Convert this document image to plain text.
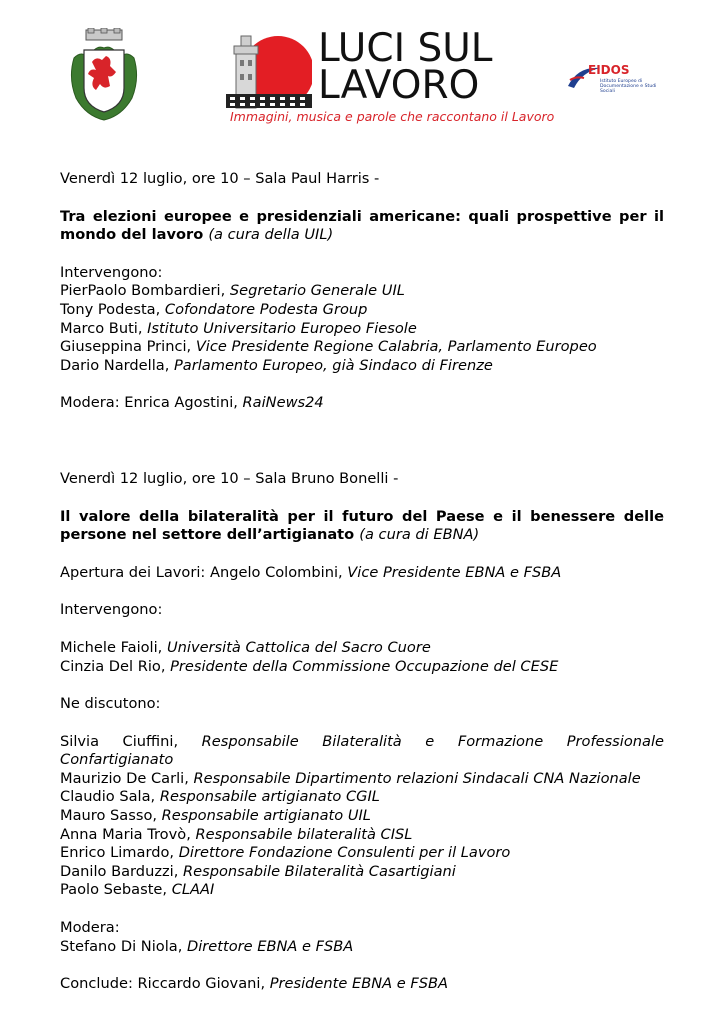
LUCI SUL
LAVORO
Immagini, musica e parole che raccontano il Lavoro
EIDOS
Istituto Europeo di Documentazione e Studi Sociali

Venerdì 12 luglio, ore 10 – Sala Paul Harris -

Tra elezioni europee e presidenziali americane: quali prospettive per il mondo del lavoro (a cura della UIL)

Intervengono:

PierPaolo Bombardieri, Segretario Generale UIL

Tony Podesta, Cofondatore Podesta Group

Marco Buti, Istituto Universitario Europeo Fiesole

Giuseppina Princi, Vice Presidente Regione Calabria, Parlamento Europeo

Dario Nardella, Parlamento Europeo, già Sindaco di Firenze

Modera: Enrica Agostini, RaiNews24

Venerdì 12 luglio, ore 10 – Sala Bruno Bonelli -

Il valore della bilateralità per il futuro del Paese e il benessere delle persone nel settore dell’artigianato (a cura di EBNA)

Apertura dei Lavori: Angelo Colombini, Vice Presidente EBNA e FSBA

Intervengono:

Michele Faioli, Università Cattolica del Sacro Cuore

Cinzia Del Rio, Presidente della Commissione Occupazione del CESE

Ne discutono:

Silvia Ciuffini, Responsabile Bilateralità e Formazione Professionale

Confartigianato

Maurizio De Carli, Responsabile Dipartimento relazioni Sindacali CNA Nazionale

Claudio Sala, Responsabile artigianato CGIL

Mauro Sasso, Responsabile artigianato UIL

Anna Maria Trovò, Responsabile bilateralità CISL

Enrico Limardo, Direttore Fondazione Consulenti per il Lavoro

Danilo Barduzzi, Responsabile Bilateralità Casartigiani

Paolo Sebaste, CLAAI

Modera:

Stefano Di Niola, Direttore EBNA e FSBA

Conclude: Riccardo Giovani, Presidente EBNA e FSBA
